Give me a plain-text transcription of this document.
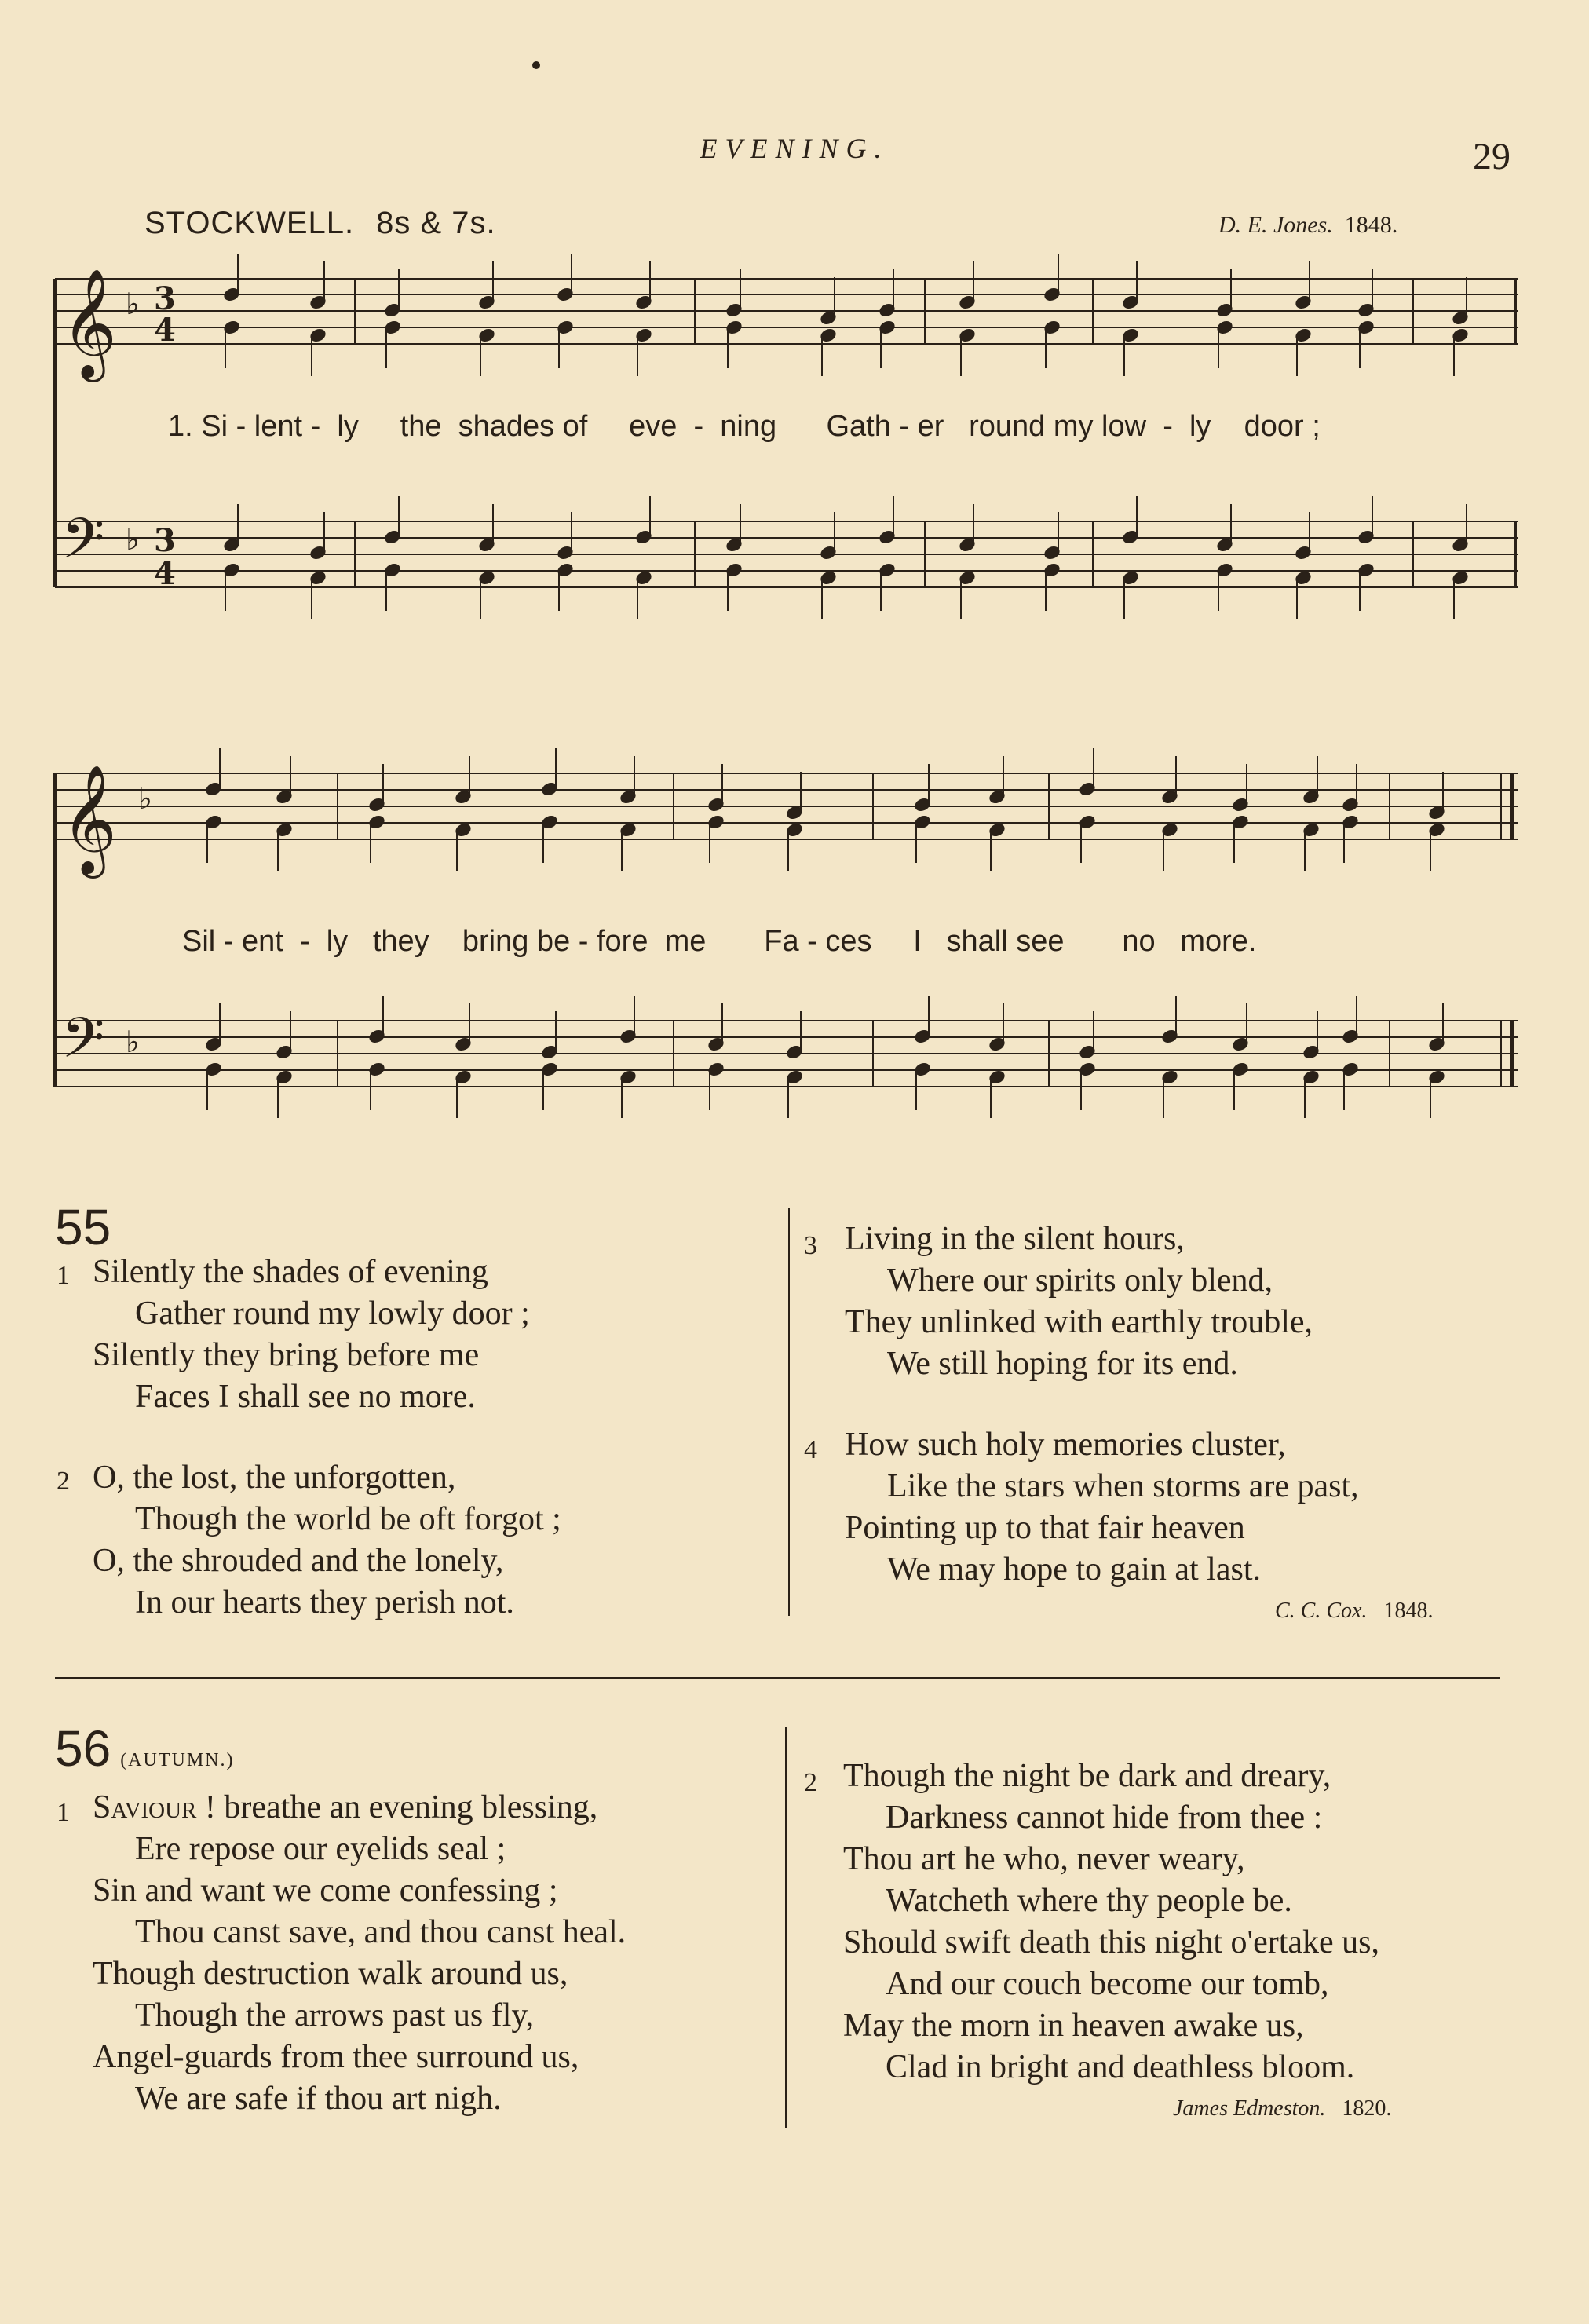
EVENING.	29
STOCKWELL. 8s & 7s.	D. E. Jones. 1848.
𝄞
𝄢
𝄞
𝄢
♭
♭
♭
♭
3
4
3
4
1. Si - lent -  ly     the  shades of     eve  -  ning      Gath - er   round my low  -  ly    door ;
Sil - ent  -  ly   they    bring be - fore  me       Fa - ces     I   shall see       no   more.
55
1 Silently the shades of evening
Gather round my lowly door ;
Silently they bring before me
Faces I shall see no more.
2 O, the lost, the unforgotten,
Though the world be oft forgot ;
O, the shrouded and the lonely,
In our hearts they perish not.
3 Living in the silent hours,
Where our spirits only blend,
They unlinked with earthly trouble,
We still hoping for its end.
4 How such holy memories cluster,
Like the stars when storms are past,
Pointing up to that fair heaven
We may hope to gain at last.
C. C. Cox. 1848.
56 (AUTUMN.)
1 Saviour ! breathe an evening blessing,
Ere repose our eyelids seal ;
Sin and want we come confessing ;
Thou canst save, and thou canst heal.
Though destruction walk around us,
Though the arrows past us fly,
Angel-guards from thee surround us,
We are safe if thou art nigh.
2 Though the night be dark and dreary,
Darkness cannot hide from thee :
Thou art he who, never weary,
Watcheth where thy people be.
Should swift death this night o'ertake us,
And our couch become our tomb,
May the morn in heaven awake us,
Clad in bright and deathless bloom.
James Edmeston. 1820.
